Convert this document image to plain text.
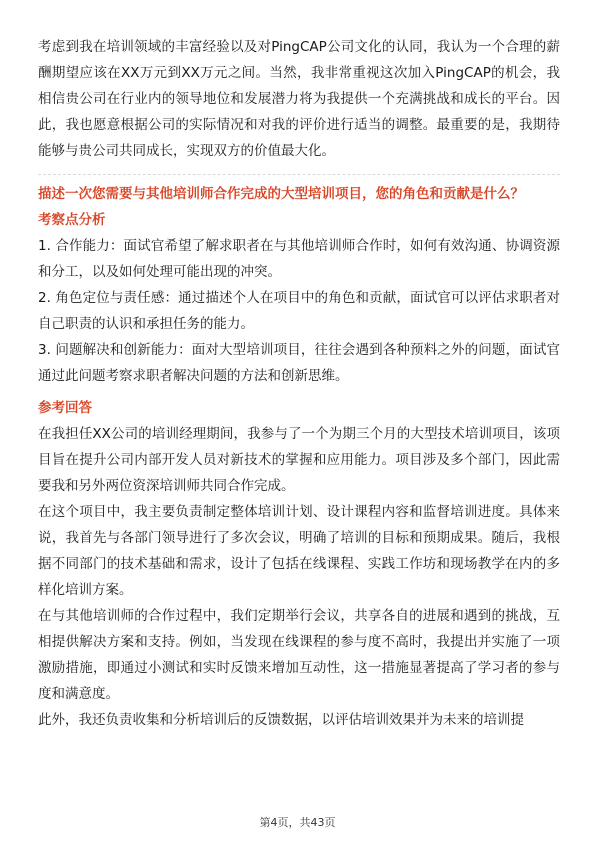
考虑到我在培训领域的丰富经验以及对PingCAP公司文化的认同，我认为一个合理的薪酬期望应该在XX万元到XX万元之间。当然，我非常重视这次加入PingCAP的机会，我相信贵公司在行业内的领导地位和发展潜力将为我提供一个充满挑战和成长的平台。因此，我也愿意根据公司的实际情况和对我的评价进行适当的调整。最重要的是，我期待能够与贵公司共同成长，实现双方的价值最大化。

描述一次您需要与其他培训师合作完成的大型培训项目，您的角色和贡献是什么？

考察点分析

1. 合作能力：面试官希望了解求职者在与其他培训师合作时，如何有效沟通、协调资源和分工，以及如何处理可能出现的冲突。

2. 角色定位与责任感：通过描述个人在项目中的角色和贡献，面试官可以评估求职者对自己职责的认识和承担任务的能力。

3. 问题解决和创新能力：面对大型培训项目，往往会遇到各种预料之外的问题，面试官通过此问题考察求职者解决问题的方法和创新思维。

参考回答

在我担任XX公司的培训经理期间，我参与了一个为期三个月的大型技术培训项目，该项目旨在提升公司内部开发人员对新技术的掌握和应用能力。项目涉及多个部门，因此需要我和另外两位资深培训师共同合作完成。

在这个项目中，我主要负责制定整体培训计划、设计课程内容和监督培训进度。具体来说，我首先与各部门领导进行了多次会议，明确了培训的目标和预期成果。随后，我根据不同部门的技术基础和需求，设计了包括在线课程、实践工作坊和现场教学在内的多样化培训方案。

在与其他培训师的合作过程中，我们定期举行会议，共享各自的进展和遇到的挑战，互相提供解决方案和支持。例如，当发现在线课程的参与度不高时，我提出并实施了一项激励措施，即通过小测试和实时反馈来增加互动性，这一措施显著提高了学习者的参与度和满意度。

此外，我还负责收集和分析培训后的反馈数据，以评估培训效果并为未来的培训提

第4页，共43页
